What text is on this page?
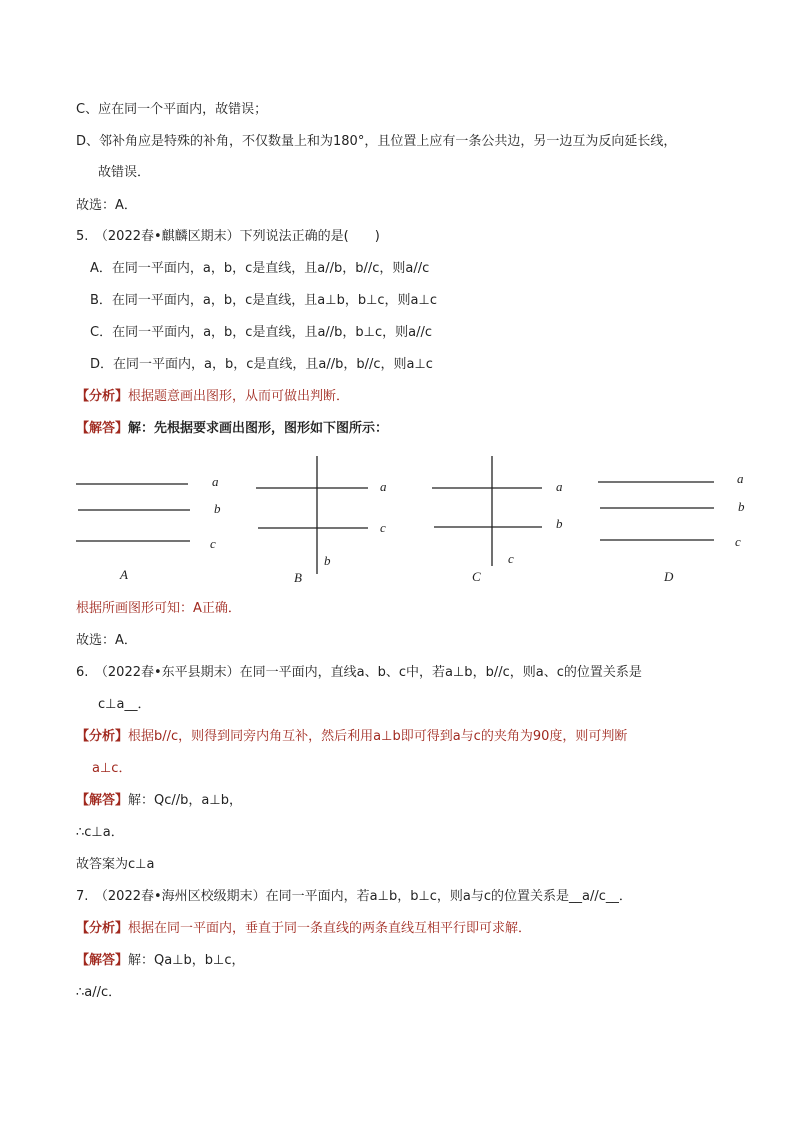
C、应在同一个平面内，故错误；
D、邻补角应是特殊的补角，不仅数量上和为180°，且位置上应有一条公共边，另一边互为反向延长线，
故错误．
故选：A．
5.　（2022春•麒麟区期末）下列说法正确的是(　　)
A．在同一平面内，a，b，c是直线，且a//b，b//c，则a//c
B．在同一平面内，a，b，c是直线，且a⊥b，b⊥c，则a⊥c
C．在同一平面内，a，b，c是直线，且a//b，b⊥c，则a//c
D．在同一平面内，a，b，c是直线，且a//b，b//c，则a⊥c
【分析】根据题意画出图形，从而可做出判断．
【解答】解：先根据要求画出图形，图形如下图所示：
a
b
c
A
a
c
b
B
a
b
c
C
a
b
c
D
根据所画图形可知：A正确．
故选：A．
6.　（2022春•东平县期末）在同一平面内，直线a、b、c中，若a⊥b，b//c，则a、c的位置关系是
c⊥a__．
【分析】根据b//c，则得到同旁内角互补，然后利用a⊥b即可得到a与c的夹角为90度，则可判断
a⊥c．
【解答】解：Qc//b，a⊥b，
∴c⊥a．
故答案为c⊥a
7.　（2022春•海州区校级期末）在同一平面内，若a⊥b，b⊥c，则a与c的位置关系是__a//c__．
【分析】根据在同一平面内，垂直于同一条直线的两条直线互相平行即可求解．
【解答】解：Qa⊥b，b⊥c，
∴a//c．
